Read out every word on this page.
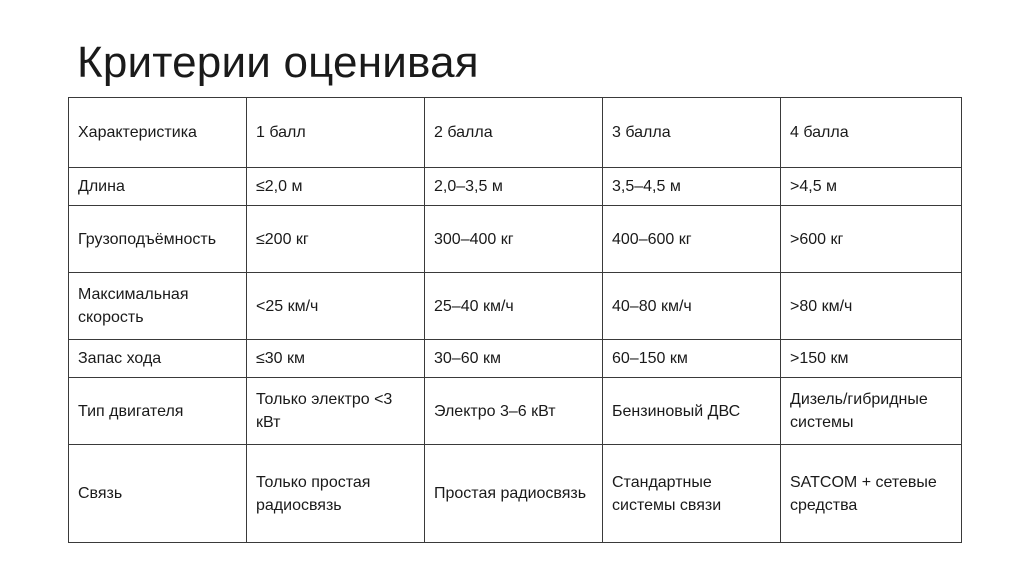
Критерии оценивая
Характеристика	1 балл	2 балла	3 балла	4 балла
Длина	≤2,0 м	2,0–3,5 м	3,5–4,5 м	>4,5 м
Грузоподъёмность	≤200 кг	300–400 кг	400–600 кг	>600 кг
Максимальная скорость	<25 км/ч	25–40 км/ч	40–80 км/ч	>80 км/ч
Запас хода	≤30 км	30–60 км	60–150 км	>150 км
Тип двигателя	Только электро <3 кВт	Электро 3–6 кВт	Бензиновый ДВС	Дизель/гибридные системы
Связь	Только простая радиосвязь	Простая радиосвязь	Стандартные системы связи	SATCOM + сетевые средства
